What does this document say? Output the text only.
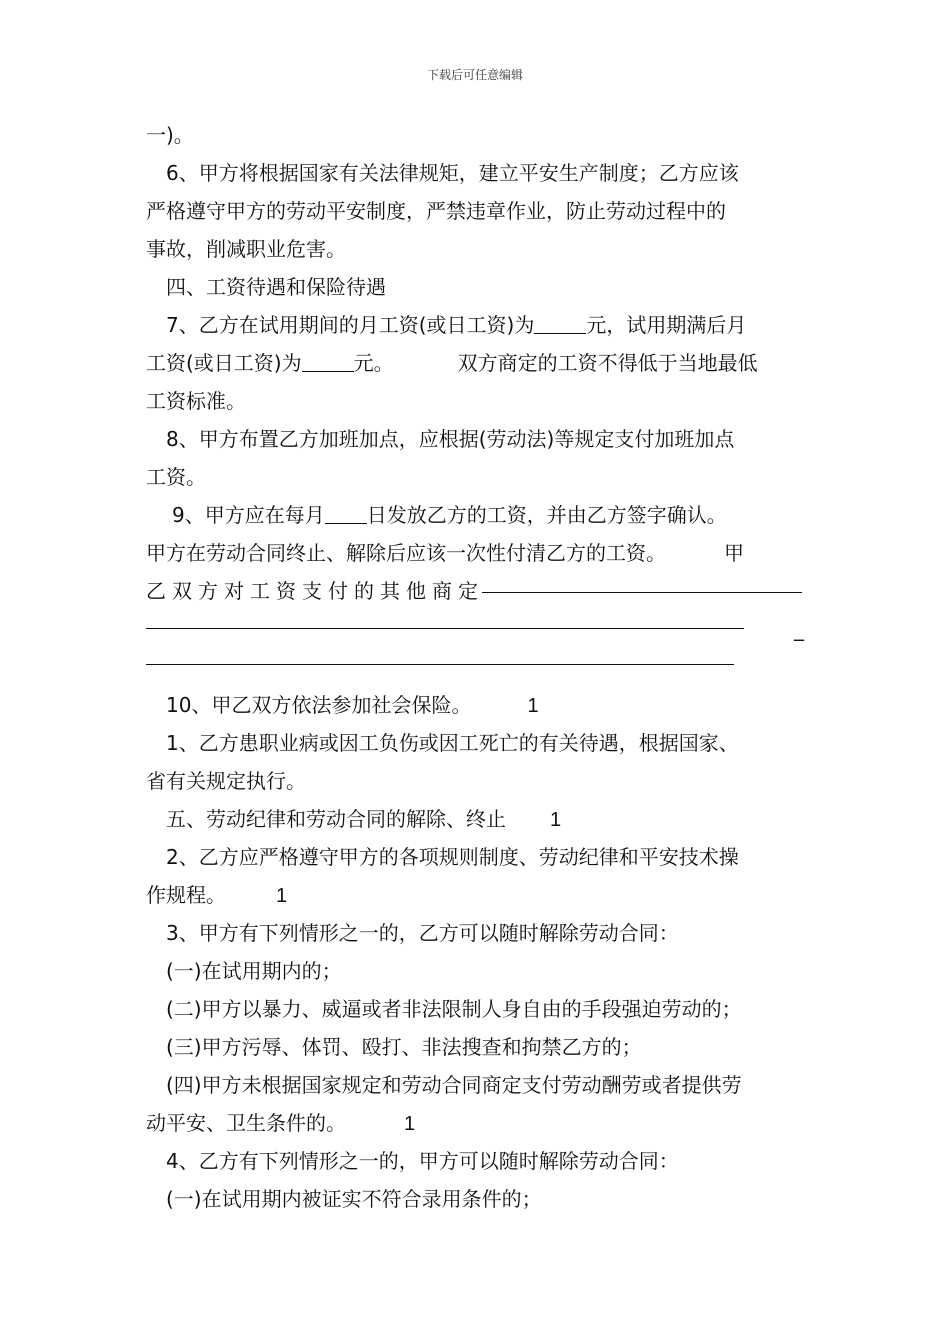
下载后可任意编辑
一)。
6、甲方将根据国家有关法律规矩，建立平安生产制度；乙方应该
严格遵守甲方的劳动平安制度，严禁违章作业，防止劳动过程中的
事故，削减职业危害。
四、工资待遇和保险待遇
7、乙方在试用期间的月工资(或日工资)为	元，试用期满后月
工资(或日工资)为	元。	双方商定的工资不得低于当地最低
工资标准。
8、甲方布置乙方加班加点，应根据(劳动法)等规定支付加班加点
工资。
9、甲方应在每月 日发放乙方的工资，并由乙方签字确认。
甲方在劳动合同终止、解除后应该一次性付清乙方的工资。	甲
乙双方对工资支付的其他商定
_
10、甲乙双方依法参加社会保险。	1
1、乙方患职业病或因工负伤或因工死亡的有关待遇，根据国家、
省有关规定执行。
五、劳动纪律和劳动合同的解除、终止 1
2、乙方应严格遵守甲方的各项规则制度、劳动纪律和平安技术操
作规程。	1
3、甲方有下列情形之一的，乙方可以随时解除劳动合同：
(一)在试用期内的；
(二)甲方以暴力、威逼或者非法限制人身自由的手段强迫劳动的；
(三)甲方污辱、体罚、殴打、非法搜查和拘禁乙方的；
(四)甲方未根据国家规定和劳动合同商定支付劳动酬劳或者提供劳
动平安、卫生条件的。	1
4、乙方有下列情形之一的，甲方可以随时解除劳动合同：
(一)在试用期内被证实不符合录用条件的；
